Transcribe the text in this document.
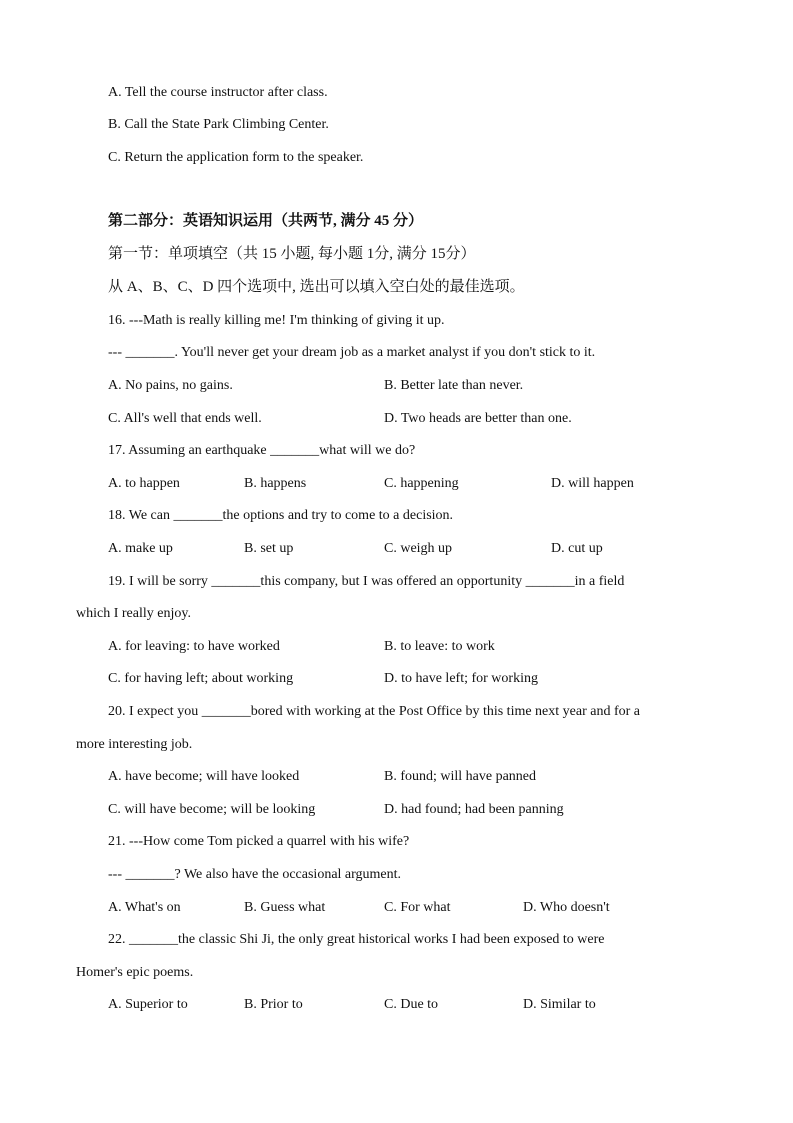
A. Tell the course instructor after class.
B. Call the State Park Climbing Center.
C. Return the application form to the speaker.
第二部分：英语知识运用（共两节, 满分 45 分）
第一节：单项填空（共 15 小题, 每小题 1分, 满分 15分）
从 A、B、C、D 四个选项中, 选出可以填入空白处的最佳选项。
16. ---Math is really killing me! I'm thinking of giving it up.
--- _______. You'll never get your dream job as a market analyst if you don't stick to it.
A. No pains, no gains.	B. Better late than never.
C. All's well that ends well.	D. Two heads are better than one.
17. Assuming an earthquake _______what will we do?
A. to happen	B. happens	C. happening	D. will happen
18. We can _______the options and try to come to a decision.
A. make up	B. set up	C. weigh up	D. cut up
19. I will be sorry _______this company, but I was offered an opportunity _______in a field
which I really enjoy.
A. for leaving: to have worked	B. to leave: to work
C. for having left; about working	D. to have left; for working
20. I expect you _______bored with working at the Post Office by this time next year and for a
more interesting job.
A. have become; will have looked	B. found; will have panned
C. will have become; will be looking	D. had found; had been panning
21. ---How come Tom picked a quarrel with his wife?
--- _______? We also have the occasional argument.
A. What's on	B. Guess what	C. For what	D. Who doesn't
22. _______the classic Shi Ji, the only great historical works I had been exposed to were
Homer's epic poems.
A. Superior to	B. Prior to	C. Due to	D. Similar to
